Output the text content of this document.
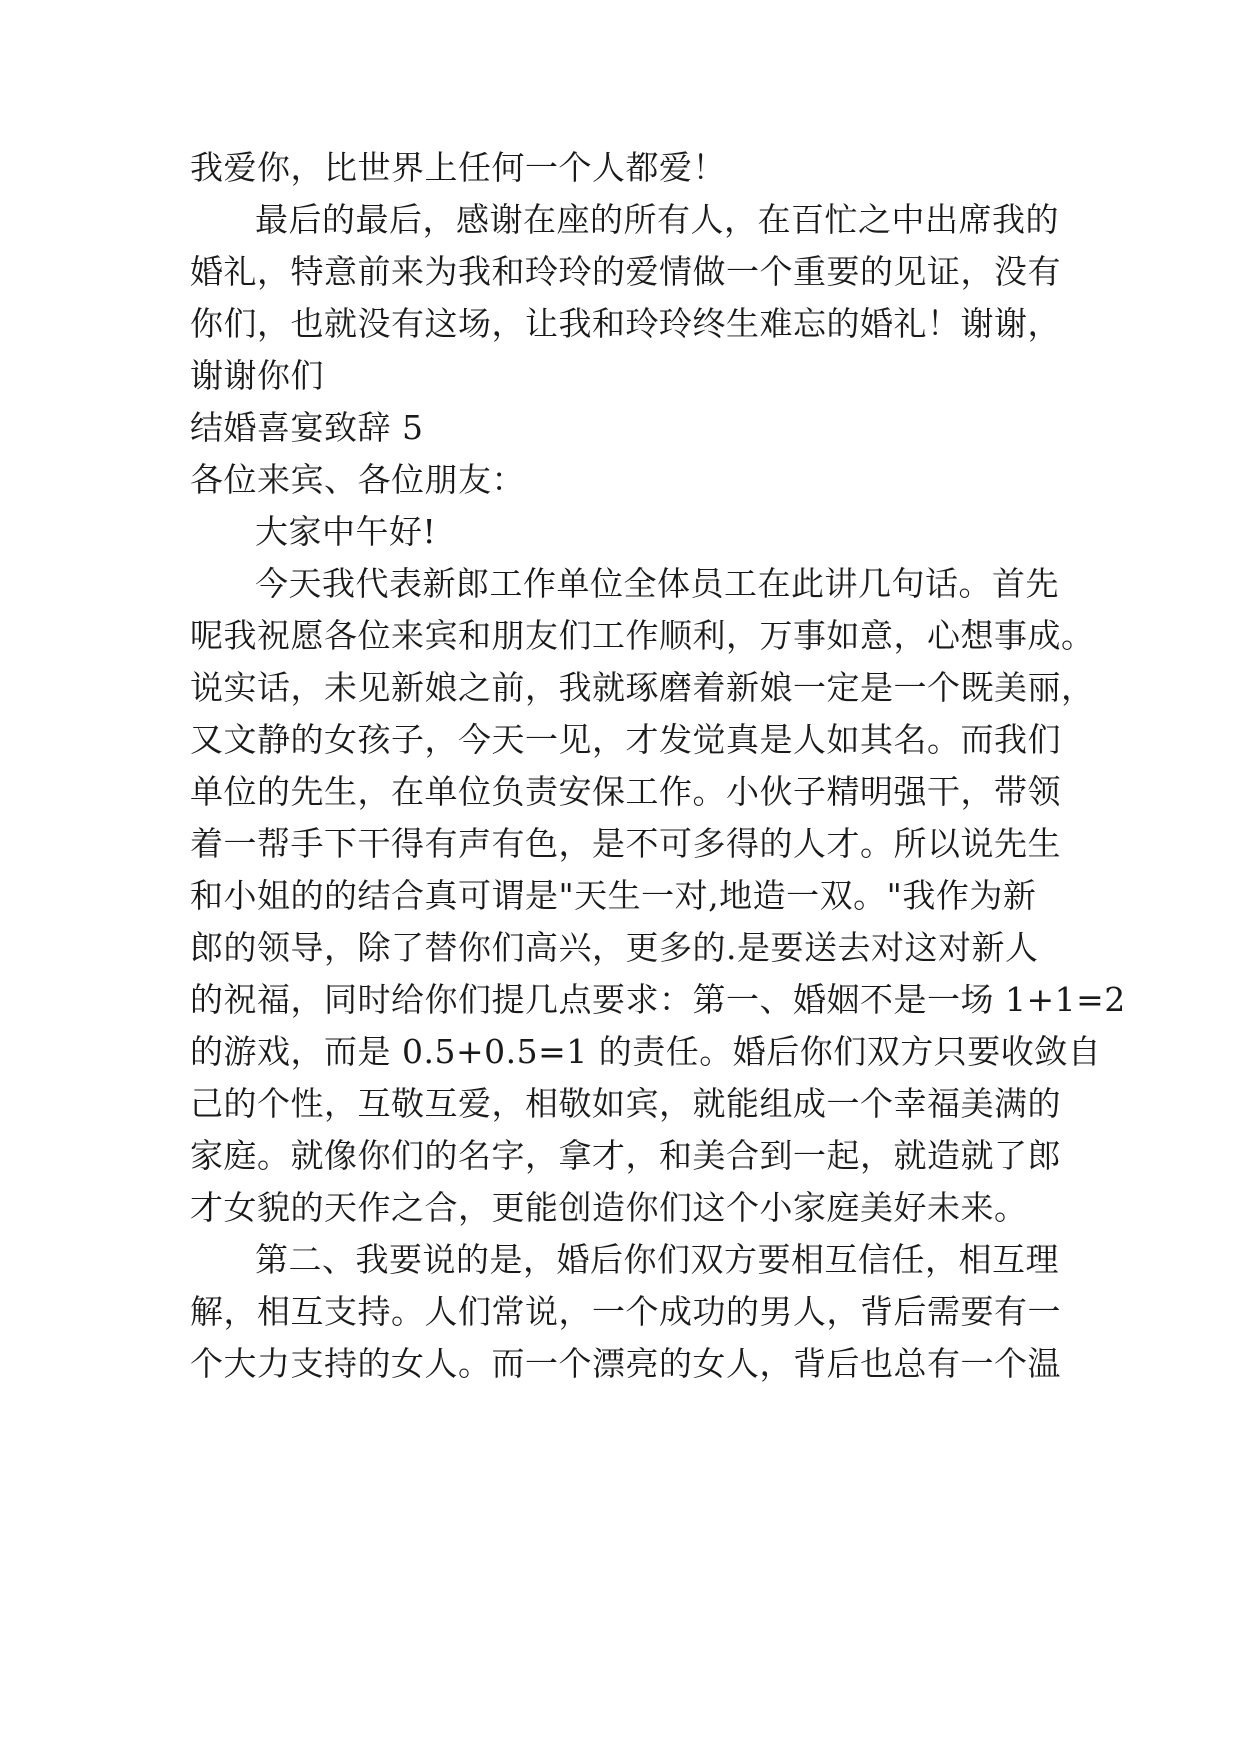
我爱你，比世界上任何一个人都爱！
最后的最后，感谢在座的所有人，在百忙之中出席我的
婚礼，特意前来为我和玲玲的爱情做一个重要的见证，没有
你们，也就没有这场，让我和玲玲终生难忘的婚礼！谢谢，
谢谢你们
结婚喜宴致辞 5
各位来宾、各位朋友：
大家中午好!
今天我代表新郎工作单位全体员工在此讲几句话。首先
呢我祝愿各位来宾和朋友们工作顺利，万事如意，心想事成。
说实话，未见新娘之前，我就琢磨着新娘一定是一个既美丽，
又文静的女孩子，今天一见，才发觉真是人如其名。而我们
单位的先生，在单位负责安保工作。小伙子精明强干，带领
着一帮手下干得有声有色，是不可多得的人才。所以说先生
和小姐的的结合真可谓是"天生一对,地造一双。"我作为新
郎的领导，除了替你们高兴，更多的.是要送去对这对新人
的祝福，同时给你们提几点要求：第一、婚姻不是一场 1+1=2
的游戏，而是 0.5+0.5=1 的责任。婚后你们双方只要收敛自
己的个性，互敬互爱，相敬如宾，就能组成一个幸福美满的
家庭。就像你们的名字，拿才，和美合到一起，就造就了郎
才女貌的天作之合，更能创造你们这个小家庭美好未来。
第二、我要说的是，婚后你们双方要相互信任，相互理
解，相互支持。人们常说，一个成功的男人，背后需要有一
个大力支持的女人。而一个漂亮的女人，背后也总有一个温
